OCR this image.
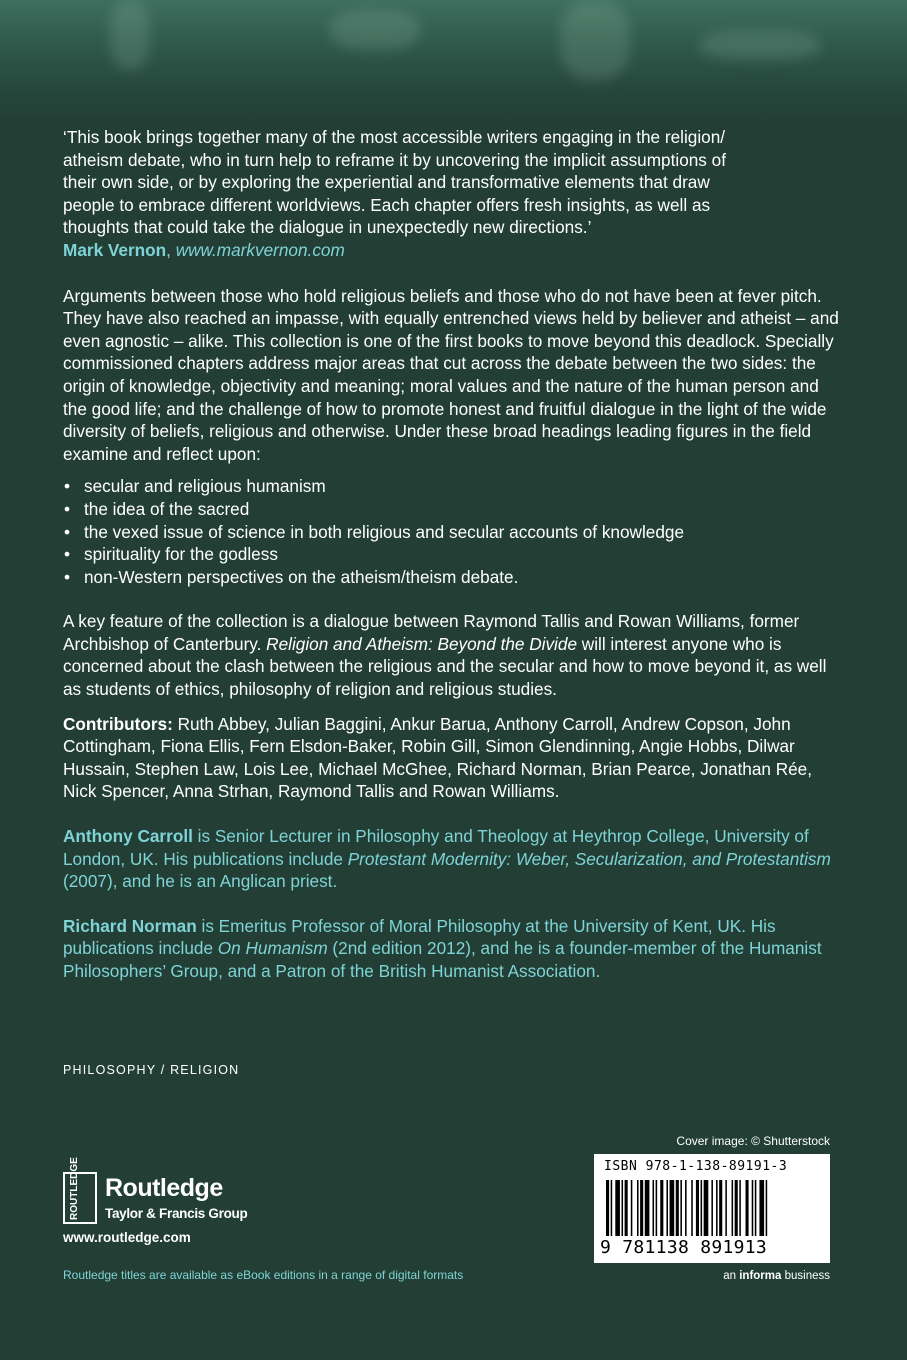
‘This book brings together many of the most accessible writers engaging in the religion/

atheism debate, who in turn help to reframe it by uncovering the implicit assumptions of

their own side, or by exploring the experiential and transformative elements that draw

people to embrace different worldviews. Each chapter offers fresh insights, as well as

thoughts that could take the dialogue in unexpectedly new directions.’

Mark Vernon, www.markvernon.com

Arguments between those who hold religious beliefs and those who do not have been at fever pitch. They have also reached an impasse, with equally entrenched views held by believer and atheist – and even agnostic – alike. This collection is one of the first books to move beyond this deadlock. Specially commissioned chapters address major areas that cut across the debate between the two sides: the origin of knowledge, objectivity and meaning; moral values and the nature of the human person and the good life; and the challenge of how to promote honest and fruitful dialogue in the light of the wide diversity of beliefs, religious and otherwise. Under these broad headings leading figures in the field examine and reflect upon:

• secular and religious humanism
• the idea of the sacred
• the vexed issue of science in both religious and secular accounts of knowledge
• spirituality for the godless
• non-Western perspectives on the atheism/theism debate.

A key feature of the collection is a dialogue between Raymond Tallis and Rowan Williams, former Archbishop of Canterbury. Religion and Atheism: Beyond the Divide will interest anyone who is concerned about the clash between the religious and the secular and how to move beyond it, as well as students of ethics, philosophy of religion and religious studies.

Contributors: Ruth Abbey, Julian Baggini, Ankur Barua, Anthony Carroll, Andrew Copson, John Cottingham, Fiona Ellis, Fern Elsdon-Baker, Robin Gill, Simon Glendinning, Angie Hobbs, Dilwar Hussain, Stephen Law, Lois Lee, Michael McGhee, Richard Norman, Brian Pearce, Jonathan Rée, Nick Spencer, Anna Strhan, Raymond Tallis and Rowan Williams.

Anthony Carroll is Senior Lecturer in Philosophy and Theology at Heythrop College, University of London, UK. His publications include Protestant Modernity: Weber, Secularization, and Protestantism (2007), and he is an Anglican priest.

Richard Norman is Emeritus Professor of Moral Philosophy at the University of Kent, UK. His publications include On Humanism (2nd edition 2012), and he is a founder-member of the Humanist Philosophers’ Group, and a Patron of the British Humanist Association.

PHILOSOPHY / RELIGION
ROUTLEDGE Routledge
Taylor & Francis Group
www.routledge.com
Routledge titles are available as eBook editions in a range of digital formats
Cover image: © Shutterstock
ISBN 978-1-138-89191-3
9 781138 891913
an informa business
